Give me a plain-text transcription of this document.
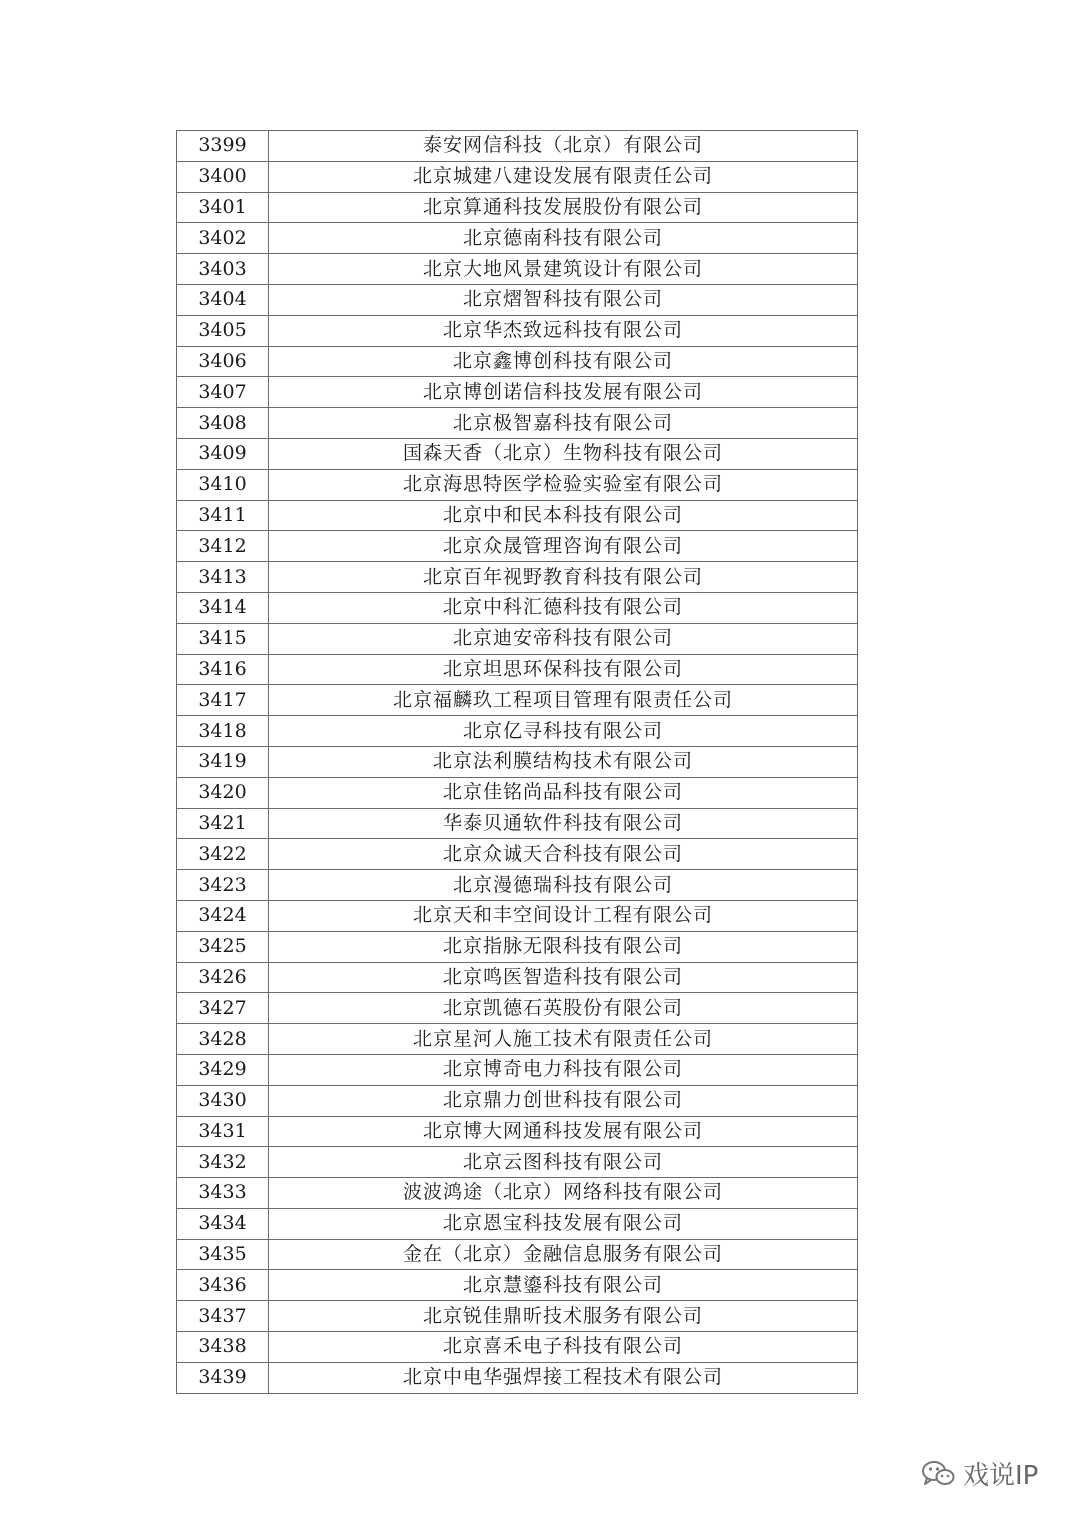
3399	泰安网信科技（北京）有限公司
3400	北京城建八建设发展有限责任公司
3401	北京算通科技发展股份有限公司
3402	北京德南科技有限公司
3403	北京大地风景建筑设计有限公司
3404	北京熠智科技有限公司
3405	北京华杰致远科技有限公司
3406	北京鑫博创科技有限公司
3407	北京博创诺信科技发展有限公司
3408	北京极智嘉科技有限公司
3409	国森天香（北京）生物科技有限公司
3410	北京海思特医学检验实验室有限公司
3411	北京中和民本科技有限公司
3412	北京众晟管理咨询有限公司
3413	北京百年视野教育科技有限公司
3414	北京中科汇德科技有限公司
3415	北京迪安帝科技有限公司
3416	北京坦思环保科技有限公司
3417	北京福麟玖工程项目管理有限责任公司
3418	北京亿寻科技有限公司
3419	北京法利膜结构技术有限公司
3420	北京佳铭尚品科技有限公司
3421	华泰贝通软件科技有限公司
3422	北京众诚天合科技有限公司
3423	北京漫德瑞科技有限公司
3424	北京天和丰空间设计工程有限公司
3425	北京指脉无限科技有限公司
3426	北京鸣医智造科技有限公司
3427	北京凯德石英股份有限公司
3428	北京星河人施工技术有限责任公司
3429	北京博奇电力科技有限公司
3430	北京鼎力创世科技有限公司
3431	北京博大网通科技发展有限公司
3432	北京云图科技有限公司
3433	波波鸿途（北京）网络科技有限公司
3434	北京恩宝科技发展有限公司
3435	金在（北京）金融信息服务有限公司
3436	北京慧鎏科技有限公司
3437	北京锐佳鼎昕技术服务有限公司
3438	北京喜禾电子科技有限公司
3439	北京中电华强焊接工程技术有限公司
戏说IP
